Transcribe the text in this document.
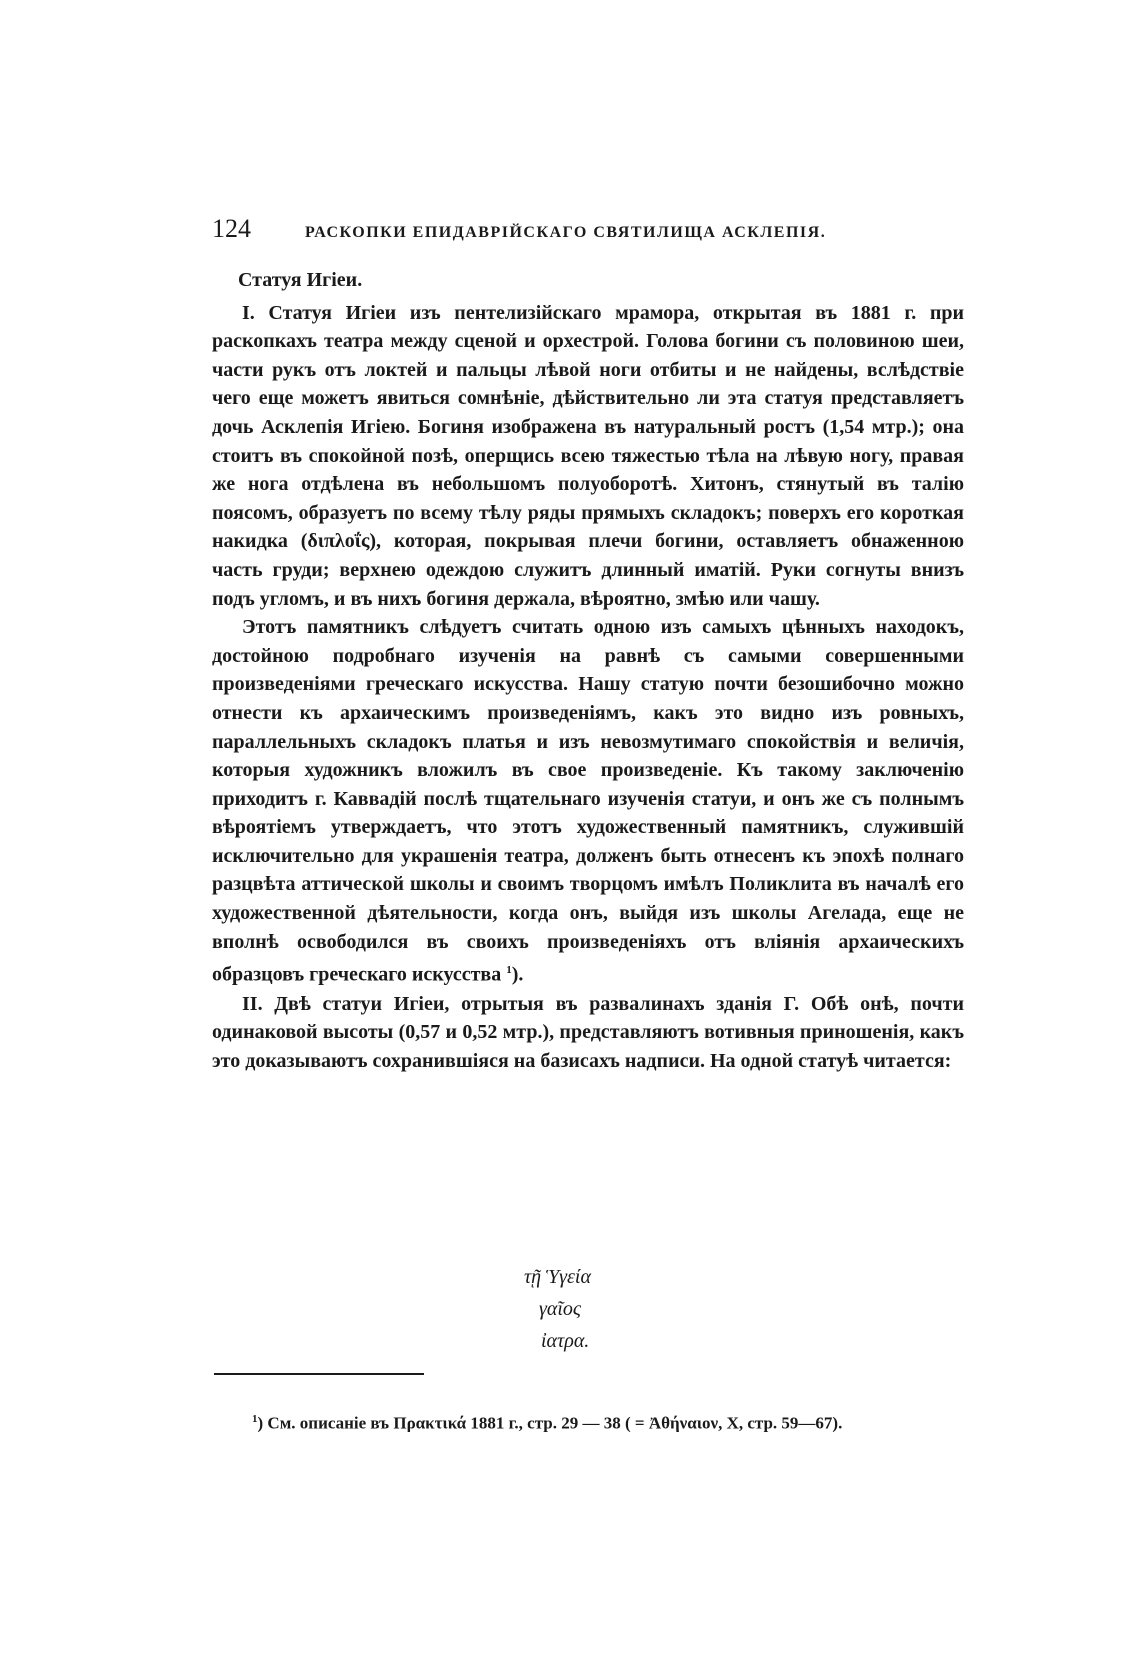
124	РАСКОПКИ ЕПИДАВРІЙСКАГО СВЯТИЛИЩА АСКЛЕПІЯ.

Статуя Игіеи.

I. Статуя Игіеи изъ пентелизійскаго мрамора, открытая въ 1881 г. при раскопкахъ театра между сценой и орхестрой. Голова богини съ половиною шеи, части рукъ отъ локтей и пальцы лѣвой ноги отбиты и не найдены, вслѣдствіе чего еще можетъ явиться сомнѣніе, дѣйствительно ли эта статуя представляетъ дочь Асклепія Игіею. Богиня изображена въ натуральный ростъ (1,54 мтр.); она стоитъ въ спокойной позѣ, оперщись всею тяжестью тѣла на лѣвую ногу, правая же нога отдѣлена въ небольшомъ полуоборотѣ. Хитонъ, стянутый въ талію поясомъ, образуетъ по всему тѣлу ряды прямыхъ складокъ; поверхъ его короткая накидка (διπλοΐς), которая, покрывая плечи богини, оставляетъ обнаженною часть груди; верхнею одеждою служитъ длинный иматій. Руки согнуты внизъ подъ угломъ, и въ нихъ богиня держала, вѣроятно, змѣю или чашу.

Этотъ памятникъ слѣдуетъ считать одною изъ самыхъ цѣнныхъ находокъ, достойною подробнаго изученія на равнѣ съ самыми совершенными произведеніями греческаго искусства. Нашу статую почти безошибочно можно отнести къ архаическимъ произведеніямъ, какъ это видно изъ ровныхъ, параллельныхъ складокъ платья и изъ невозмутимаго спокойствія и величія, которыя художникъ вложилъ въ свое произведеніе. Къ такому заключенію приходитъ г. Каввадій послѣ тщательнаго изученія статуи, и онъ же съ полнымъ вѣроятіемъ утверждаетъ, что этотъ художественный памятникъ, служившій исключительно для украшенія театра, долженъ быть отнесенъ къ эпохѣ полнаго разцвѣта аттической школы и своимъ творцомъ имѣлъ Поликлита въ началѣ его художественной дѣятельности, когда онъ, выйдя изъ школы Агелада, еще не вполнѣ освободился въ своихъ произведеніяхъ отъ вліянія архаическихъ образцовъ греческаго искусства $^1$).

II. Двѣ статуи Игіеи, отрытыя въ развалинахъ зданія Г. Обѣ онѣ, почти одинаковой высоты (0,57 и 0,52 мтр.), представляютъ вотивныя приношенія, какъ это доказываютъ сохранившіяся на базисахъ надписи. На одной статуѣ читается:

τῇ Ὑγεία
γαῖος
ἰατρα.
$^1$) См. описаніе въ Πρακτικά 1881 г., стр. 29 — 38 ( = Ἀθήναιον, X, стр. 59—67).
